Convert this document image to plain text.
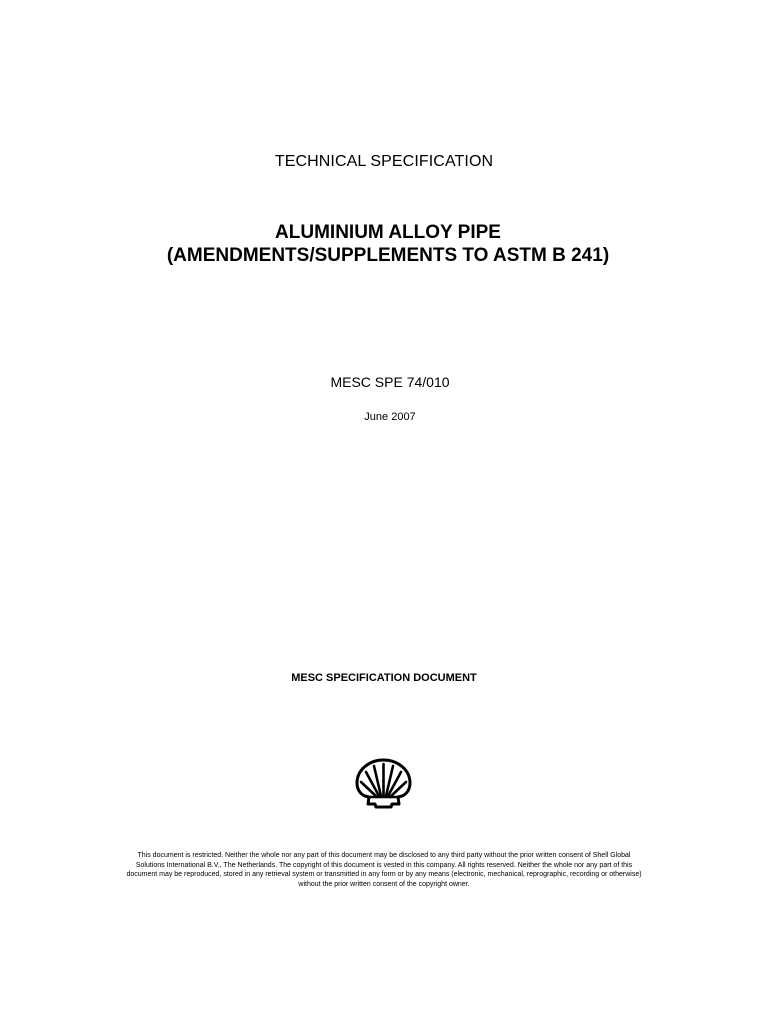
TECHNICAL SPECIFICATION
ALUMINIUM ALLOY PIPE
(AMENDMENTS/SUPPLEMENTS TO ASTM B 241)
MESC SPE 74/010
June 2007
MESC SPECIFICATION DOCUMENT
This document is restricted. Neither the whole nor any part of this document may be disclosed to any third party without the prior written consent of Shell Global
Solutions International B.V., The Netherlands. The copyright of this document is vested in this company. All rights reserved. Neither the whole nor any part of this
document may be reproduced, stored in any retrieval system or transmitted in any form or by any means (electronic, mechanical, reprographic, recording or otherwise)
without the prior written consent of the copyright owner.
